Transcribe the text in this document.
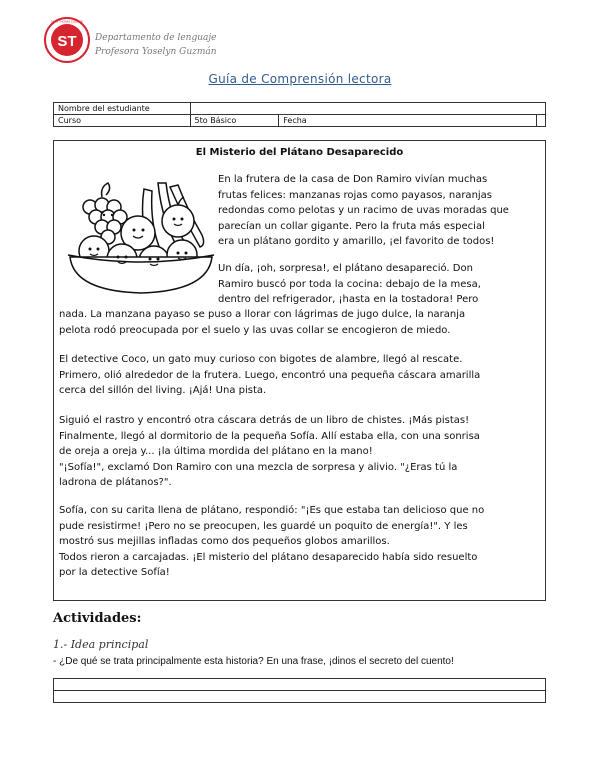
ST
SAINT THOMAS COLLEGE
Departamento de lenguaje
Profesora Yoselyn Guzmán
Guía de Comprensión lectora
Nombre del estudiante			
Curso	5to Básico	Fecha	
El Misterio del Plátano Desaparecido
En la frutera de la casa de Don Ramiro vivían muchas
frutas felices: manzanas rojas como payasos, naranjas
redondas como pelotas y un racimo de uvas moradas que
parecían un collar gigante. Pero la fruta más especial
era un plátano gordito y amarillo, ¡el favorito de todos!
Un día, ¡oh, sorpresa!, el plátano desapareció. Don
Ramiro buscó por toda la cocina: debajo de la mesa,
dentro del refrigerador, ¡hasta en la tostadora! Pero
nada. La manzana payaso se puso a llorar con lágrimas de jugo dulce, la naranja
pelota rodó preocupada por el suelo y las uvas collar se encogieron de miedo.
El detective Coco, un gato muy curioso con bigotes de alambre, llegó al rescate.
Primero, olió alrededor de la frutera. Luego, encontró una pequeña cáscara amarilla
cerca del sillón del living. ¡Ajá! Una pista.
Siguió el rastro y encontró otra cáscara detrás de un libro de chistes. ¡Más pistas!
Finalmente, llegó al dormitorio de la pequeña Sofía. Allí estaba ella, con una sonrisa
de oreja a oreja y... ¡la última mordida del plátano en la mano!
"¡Sofía!", exclamó Don Ramiro con una mezcla de sorpresa y alivio. "¿Eras tú la
ladrona de plátanos?".
Sofía, con su carita llena de plátano, respondió: "¡Es que estaba tan delicioso que no
pude resistirme! ¡Pero no se preocupen, les guardé un poquito de energía!". Y les
mostró sus mejillas infladas como dos pequeños globos amarillos.
Todos rieron a carcajadas. ¡El misterio del plátano desaparecido había sido resuelto
por la detective Sofía!
Actividades:
1.- Idea principal
- ¿De qué se trata principalmente esta historia? En una frase, ¡dinos el secreto del cuento!
